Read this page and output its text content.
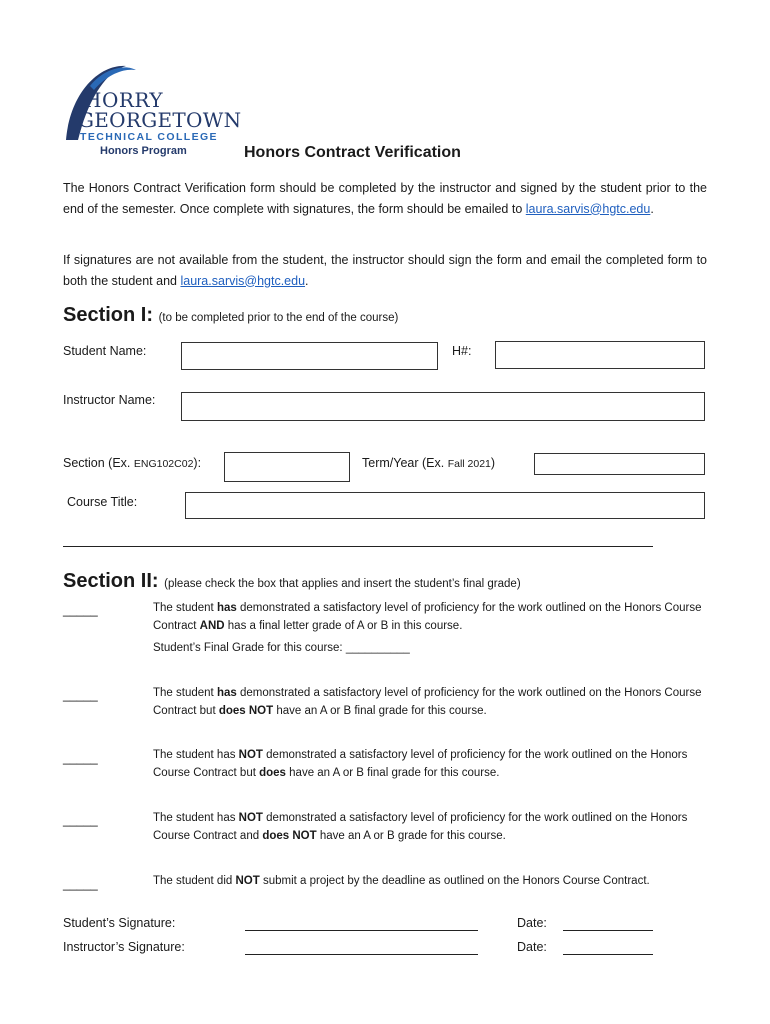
HORRY
GEORGETOWN
TECHNICAL COLLEGE
Honors Program	Honors Contract Verification
The Honors Contract Verification form should be completed by the instructor and signed by the student prior to the end of the semester. Once complete with signatures, the form should be emailed to laura.sarvis@hgtc.edu.
If signatures are not available from the student, the instructor should sign the form and email the completed form to both the student and laura.sarvis@hgtc.edu.
Section I: (to be completed prior to the end of the course)
Student Name:	H#:
Instructor Name:
Section (Ex. ENG102C02):	Term/Year (Ex. Fall 2021)
Course Title:
Section II: (please check the box that applies and insert the student’s final grade)
_____	The student has demonstrated a satisfactory level of proficiency for the work outlined on the Honors Course Contract AND has a final letter grade of A or B in this course.
Student’s Final Grade for this course: __________
_____	The student has demonstrated a satisfactory level of proficiency for the work outlined on the Honors Course Contract but does NOT have an A or B final grade for this course.
_____	The student has NOT demonstrated a satisfactory level of proficiency for the work outlined on the Honors Course Contract but does have an A or B final grade for this course.
_____	The student has NOT demonstrated a satisfactory level of proficiency for the work outlined on the Honors Course Contract and does NOT have an A or B grade for this course.
_____	The student did NOT submit a project by the deadline as outlined on the Honors Course Contract.
Student’s Signature:	Date:
Instructor’s Signature:	Date:
